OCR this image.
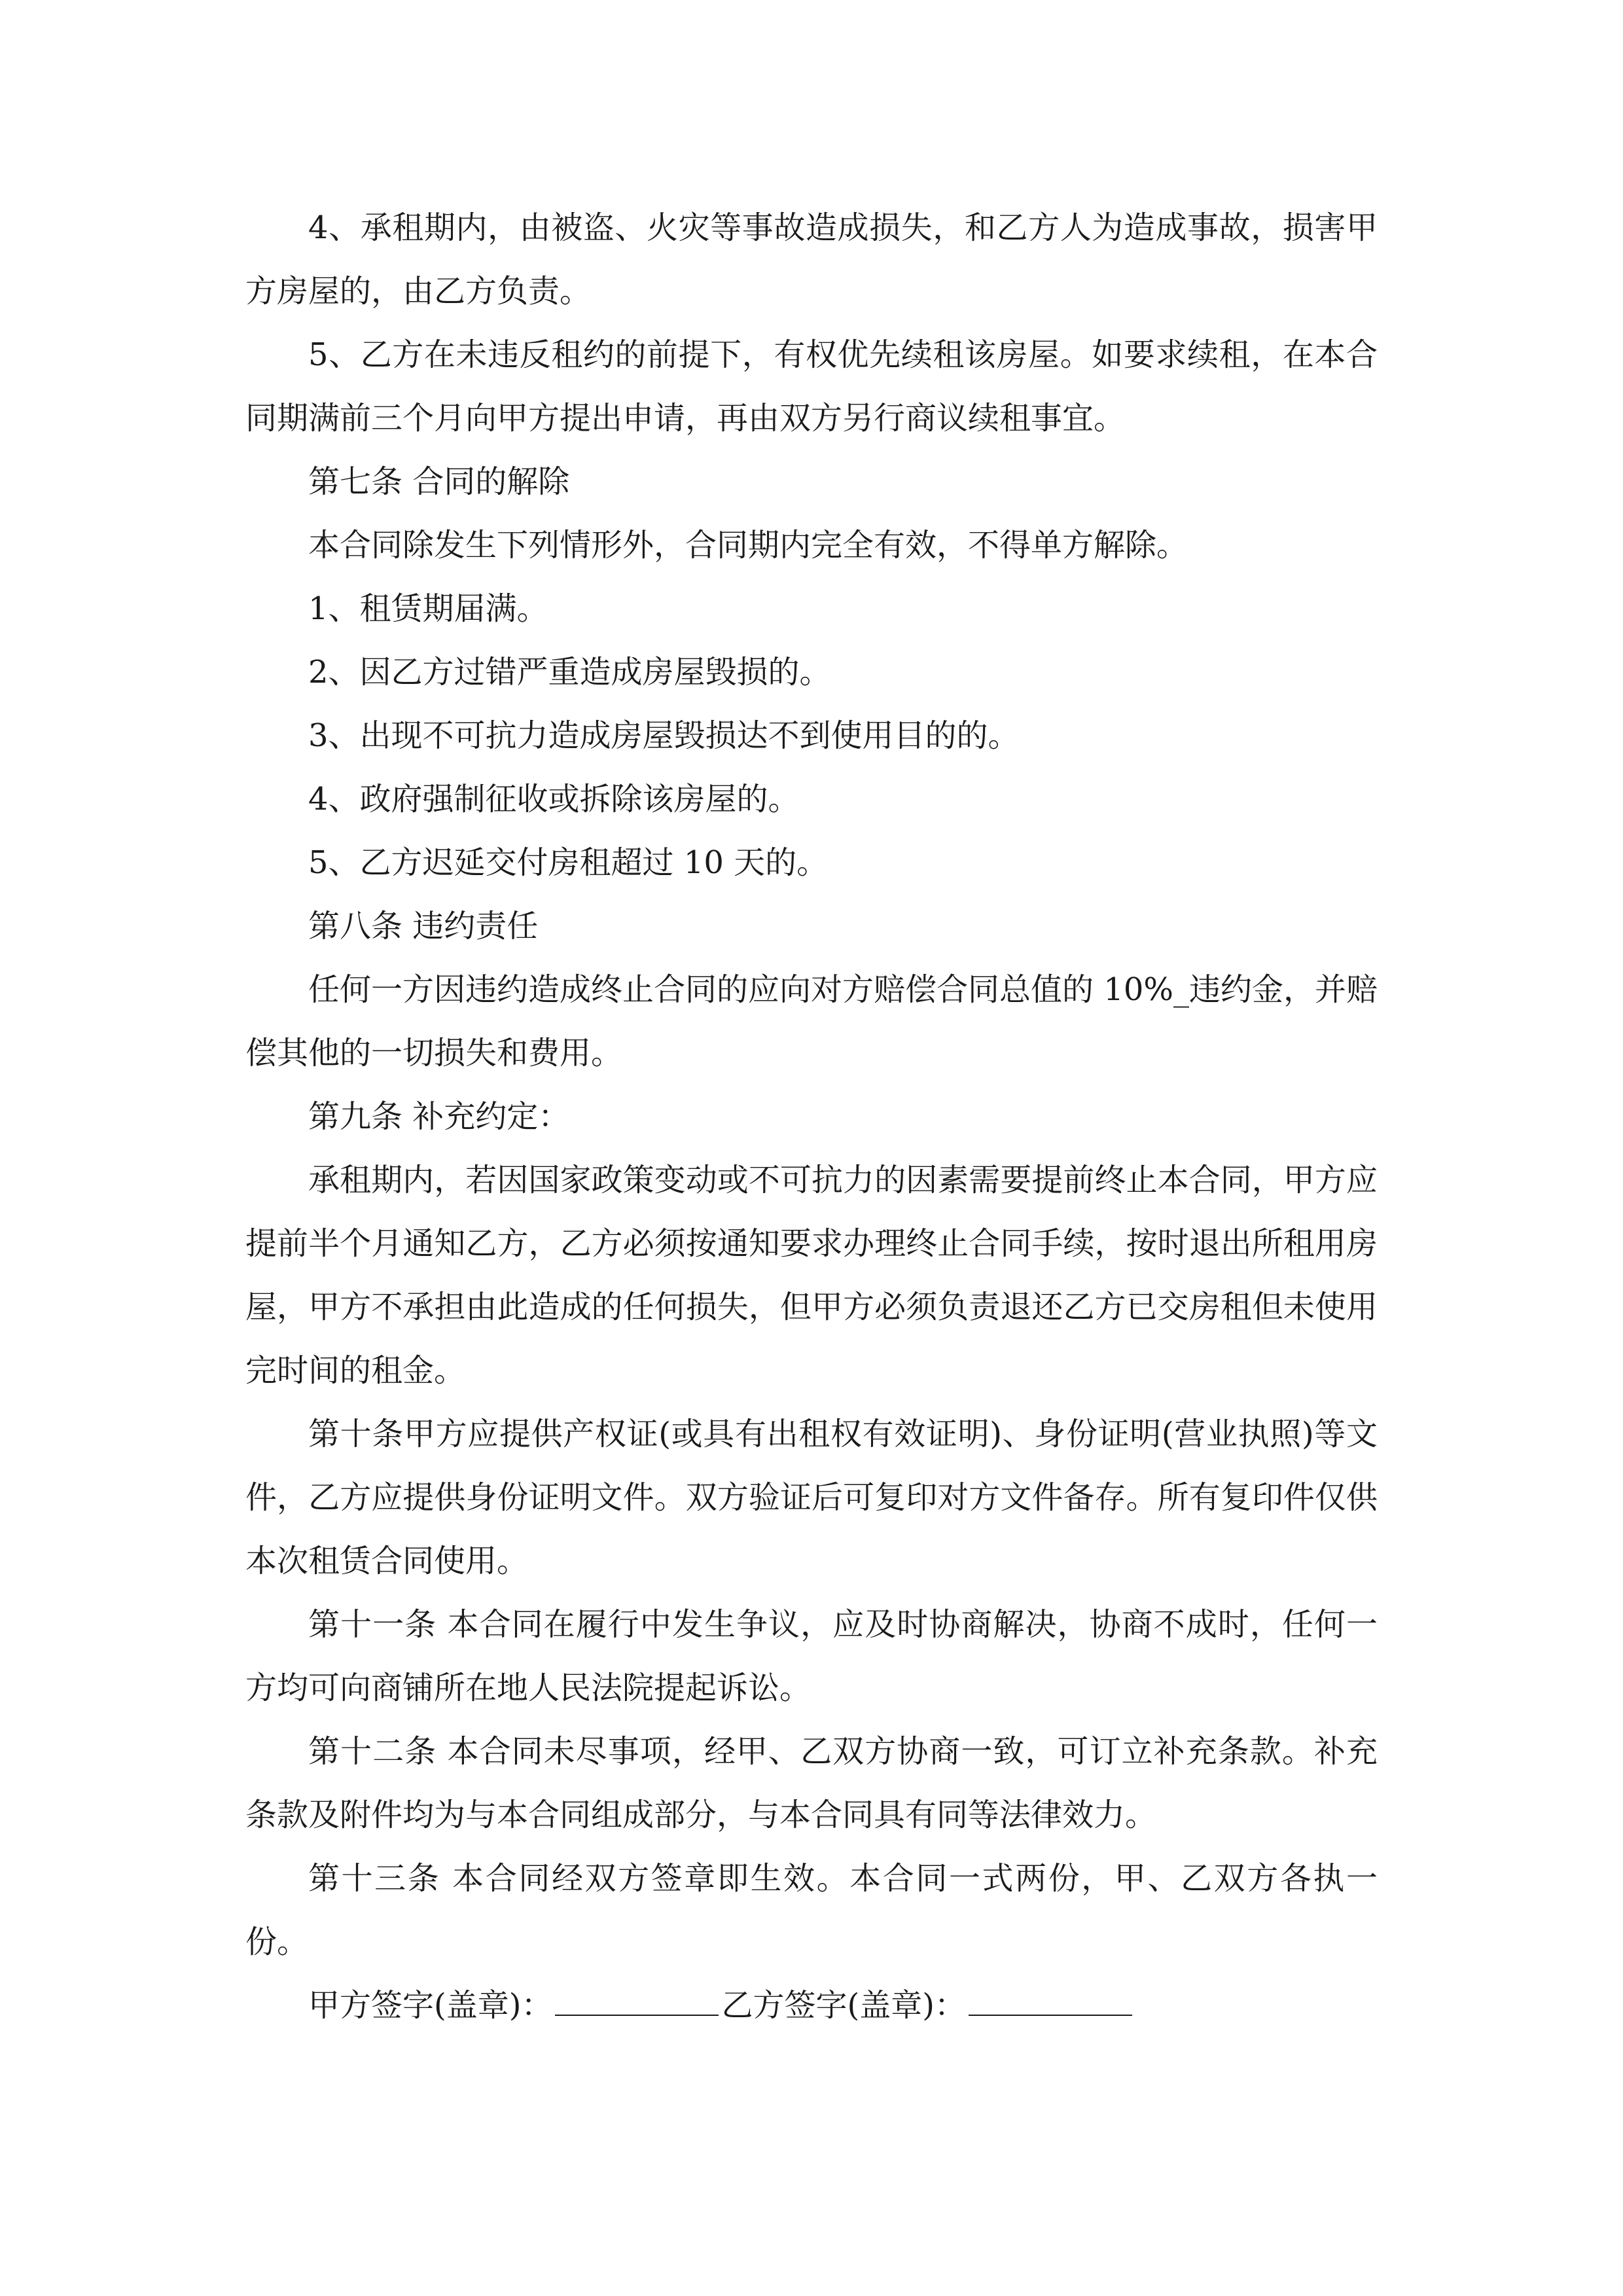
4、承租期内，由被盗、火灾等事故造成损失，和乙方人为造成事故，损害甲方房屋的，由乙方负责。

5、乙方在未违反租约的前提下，有权优先续租该房屋。如要求续租，在本合同期满前三个月向甲方提出申请，再由双方另行商议续租事宜。

第七条 合同的解除

本合同除发生下列情形外，合同期内完全有效，不得单方解除。

1、租赁期届满。

2、因乙方过错严重造成房屋毁损的。

3、出现不可抗力造成房屋毁损达不到使用目的的。

4、政府强制征收或拆除该房屋的。

5、乙方迟延交付房租超过 10 天的。

第八条 违约责任

任何一方因违约造成终止合同的应向对方赔偿合同总值的 10%_违约金，并赔偿其他的一切损失和费用。

第九条 补充约定：

承租期内，若因国家政策变动或不可抗力的因素需要提前终止本合同，甲方应提前半个月通知乙方，乙方必须按通知要求办理终止合同手续，按时退出所租用房屋，甲方不承担由此造成的任何损失，但甲方必须负责退还乙方已交房租但未使用完时间的租金。

第十条甲方应提供产权证(或具有出租权有效证明)、身份证明(营业执照)等文件，乙方应提供身份证明文件。双方验证后可复印对方文件备存。所有复印件仅供本次租赁合同使用。

第十一条 本合同在履行中发生争议，应及时协商解决，协商不成时，任何一方均可向商铺所在地人民法院提起诉讼。

第十二条 本合同未尽事项，经甲、乙双方协商一致，可订立补充条款。补充条款及附件均为与本合同组成部分，与本合同具有同等法律效力。

第十三条 本合同经双方签章即生效。本合同一式两份，甲、乙双方各执一份。

甲方签字(盖章)：	乙方签字(盖章)：
